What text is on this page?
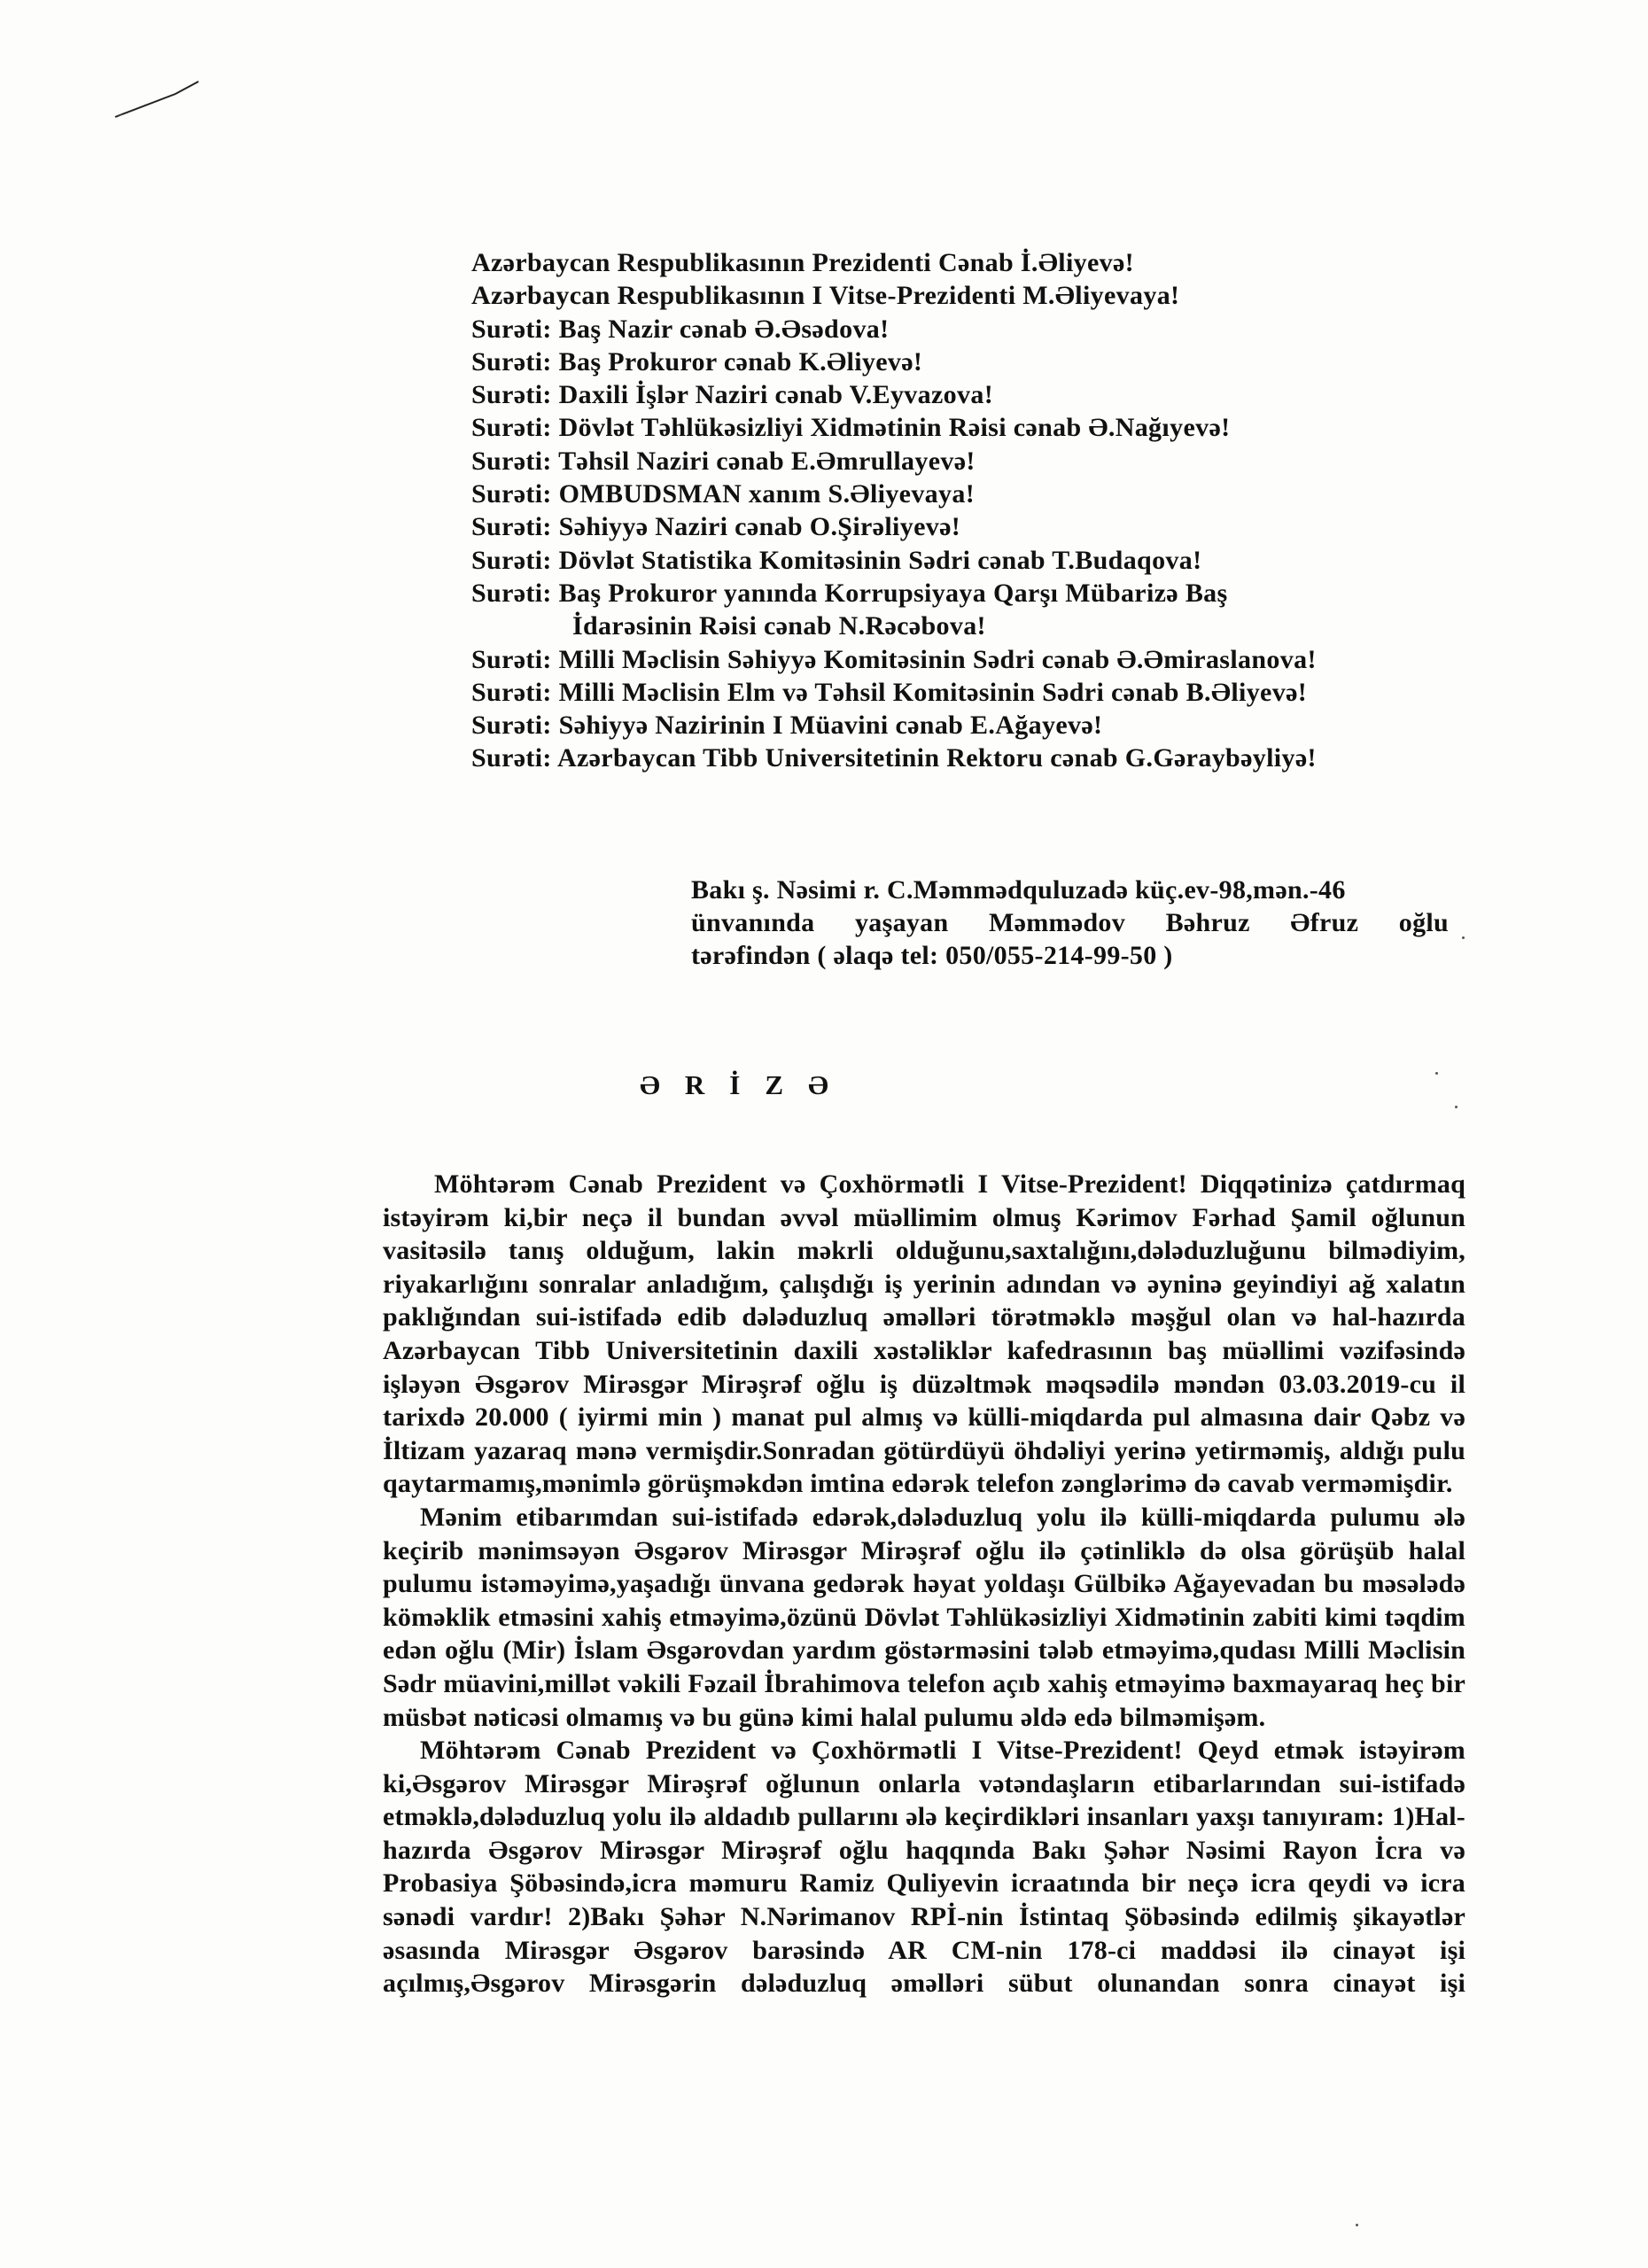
Azərbaycan Respublikasının Prezidenti Cənab İ.Əliyevə!
Azərbaycan Respublikasının I Vitse-Prezidenti M.Əliyevaya!
Surəti: Baş Nazir cənab Ə.Əsədova!
Surəti: Baş Prokuror cənab K.Əliyevə!
Surəti: Daxili İşlər Naziri cənab V.Eyvazova!
Surəti: Dövlət Təhlükəsizliyi Xidmətinin Rəisi cənab Ə.Nağıyevə!
Surəti: Təhsil Naziri cənab E.Əmrullayevə!
Surəti: OMBUDSMAN xanım S.Əliyevaya!
Surəti: Səhiyyə Naziri cənab O.Şirəliyevə!
Surəti: Dövlət Statistika Komitəsinin Sədri cənab T.Budaqova!
Surəti: Baş Prokuror yanında Korrupsiyaya Qarşı Mübarizə Baş
İdarəsinin Rəisi cənab N.Rəcəbova!
Surəti: Milli Məclisin Səhiyyə Komitəsinin Sədri cənab Ə.Əmiraslanova!
Surəti: Milli Məclisin Elm və Təhsil Komitəsinin Sədri cənab B.Əliyevə!
Surəti: Səhiyyə Nazirinin I Müavini cənab E.Ağayevə!
Surəti: Azərbaycan Tibb Universitetinin Rektoru cənab G.Gəraybəyliyə!
Bakı ş. Nəsimi r. C.Məmmədquluzadə küç.ev-98,mən.-46
ünvanında yaşayan Məmmədov Bəhruz Əfruz oğlu
tərəfindən ( əlaqə tel: 050/055-214-99-50 )
ƏRİZƏ
Möhtərəm Cənab Prezident və Çoxhörmətli I Vitse-Prezident! Diqqətinizə çatdırmaq
istəyirəm ki,bir neçə il bundan əvvəl müəllimim olmuş Kərimov Fərhad Şamil oğlunun
vasitəsilə tanış olduğum, lakin məkrli olduğunu,saxtalığını,dələduzluğunu bilmədiyim,
riyakarlığını sonralar anladığım, çalışdığı iş yerinin adından və əyninə geyindiyi ağ xalatın
paklığından sui-istifadə edib dələduzluq əməlləri törətməklə məşğul olan və hal-hazırda
Azərbaycan Tibb Universitetinin daxili xəstəliklər kafedrasının baş müəllimi vəzifəsində
işləyən Əsgərov Mirəsgər Mirəşrəf oğlu iş düzəltmək məqsədilə məndən 03.03.2019-cu il
tarixdə 20.000 ( iyirmi min ) manat pul almış və külli-miqdarda pul almasına dair Qəbz və
İltizam yazaraq mənə vermişdir.Sonradan götürdüyü öhdəliyi yerinə yetirməmiş, aldığı pulu
qaytarmamış,mənimlə görüşməkdən imtina edərək telefon zənglərimə də cavab verməmişdir.
Mənim etibarımdan sui-istifadə edərək,dələduzluq yolu ilə külli-miqdarda pulumu ələ
keçirib mənimsəyən Əsgərov Mirəsgər Mirəşrəf oğlu ilə çətinliklə də olsa görüşüb halal
pulumu istəməyimə,yaşadığı ünvana gedərək həyat yoldaşı Gülbikə Ağayevadan bu məsələdə
köməklik etməsini xahiş etməyimə,özünü Dövlət Təhlükəsizliyi Xidmətinin zabiti kimi təqdim
edən oğlu (Mir) İslam Əsgərovdan yardım göstərməsini tələb etməyimə,qudası Milli Məclisin
Sədr müavini,millət vəkili Fəzail İbrahimova telefon açıb xahiş etməyimə baxmayaraq heç bir
müsbət nəticəsi olmamış və bu günə kimi halal pulumu əldə edə bilməmişəm.
Möhtərəm Cənab Prezident və Çoxhörmətli I Vitse-Prezident! Qeyd etmək istəyirəm
ki,Əsgərov Mirəsgər Mirəşrəf oğlunun onlarla vətəndaşların etibarlarından sui-istifadə
etməklə,dələduzluq yolu ilə aldadıb pullarını ələ keçirdikləri insanları yaxşı tanıyıram: 1)Hal-
hazırda Əsgərov Mirəsgər Mirəşrəf oğlu haqqında Bakı Şəhər Nəsimi Rayon İcra və
Probasiya Şöbəsində,icra məmuru Ramiz Quliyevin icraatında bir neçə icra qeydi və icra
sənədi vardır! 2)Bakı Şəhər N.Nərimanov RPİ-nin İstintaq Şöbəsində edilmiş şikayətlər
əsasında Mirəsgər Əsgərov barəsində AR CM-nin 178-ci maddəsi ilə cinayət işi
açılmış,Əsgərov Mirəsgərin dələduzluq əməlləri sübut olunandan sonra cinayət işi
